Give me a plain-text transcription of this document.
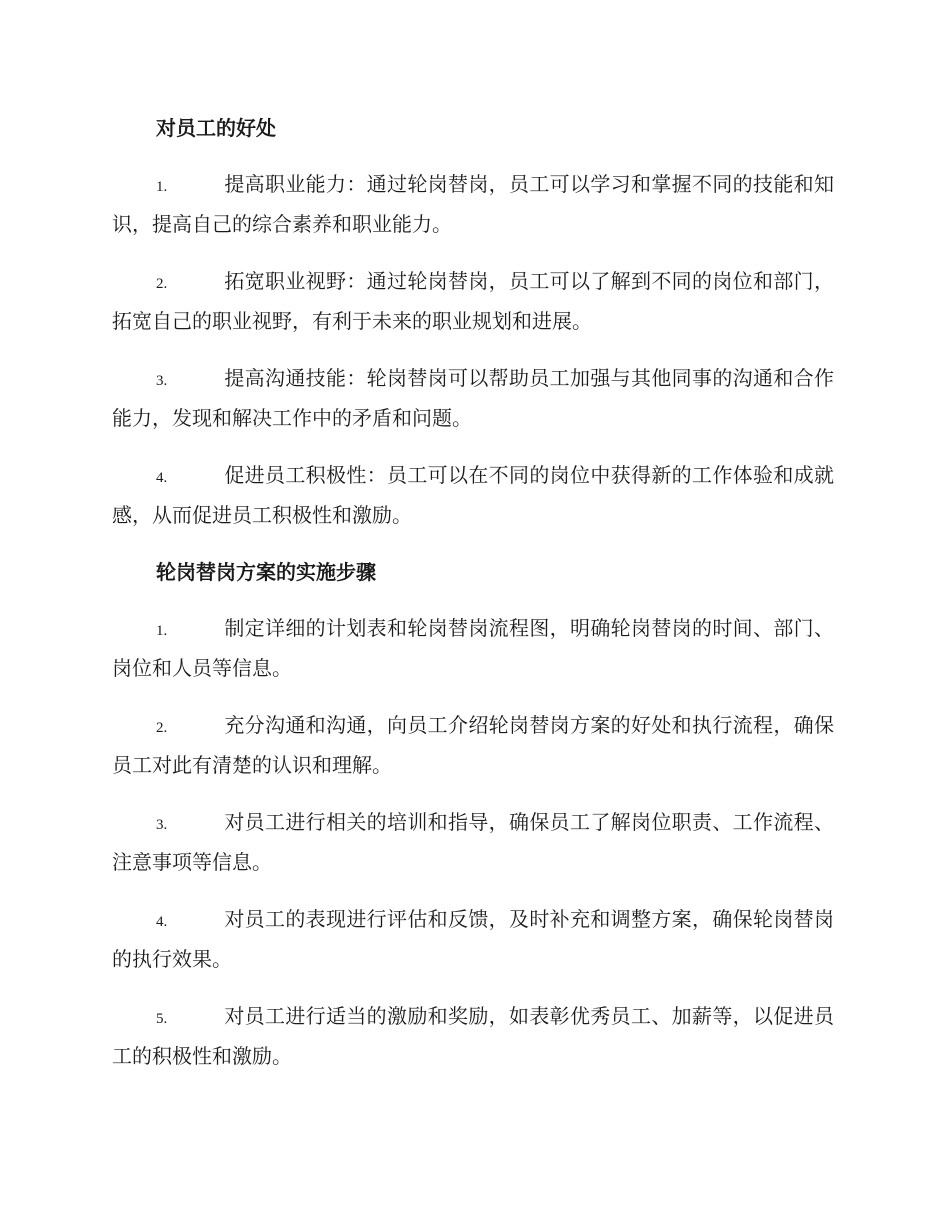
对员工的好处

1.	提高职业能力：通过轮岗替岗，员工可以学习和掌握不同的技能和知识，提高自己的综合素养和职业能力。

2.	拓宽职业视野：通过轮岗替岗，员工可以了解到不同的岗位和部门，拓宽自己的职业视野，有利于未来的职业规划和进展。

3.	提高沟通技能：轮岗替岗可以帮助员工加强与其他同事的沟通和合作能力，发现和解决工作中的矛盾和问题。

4.	促进员工积极性：员工可以在不同的岗位中获得新的工作体验和成就感，从而促进员工积极性和激励。

轮岗替岗方案的实施步骤

1.	制定详细的计划表和轮岗替岗流程图，明确轮岗替岗的时间、部门、岗位和人员等信息。

2.	充分沟通和沟通，向员工介绍轮岗替岗方案的好处和执行流程，确保员工对此有清楚的认识和理解。

3.	对员工进行相关的培训和指导，确保员工了解岗位职责、工作流程、注意事项等信息。

4.	对员工的表现进行评估和反馈，及时补充和调整方案，确保轮岗替岗的执行效果。

5.	对员工进行适当的激励和奖励，如表彰优秀员工、加薪等，以促进员工的积极性和激励。
